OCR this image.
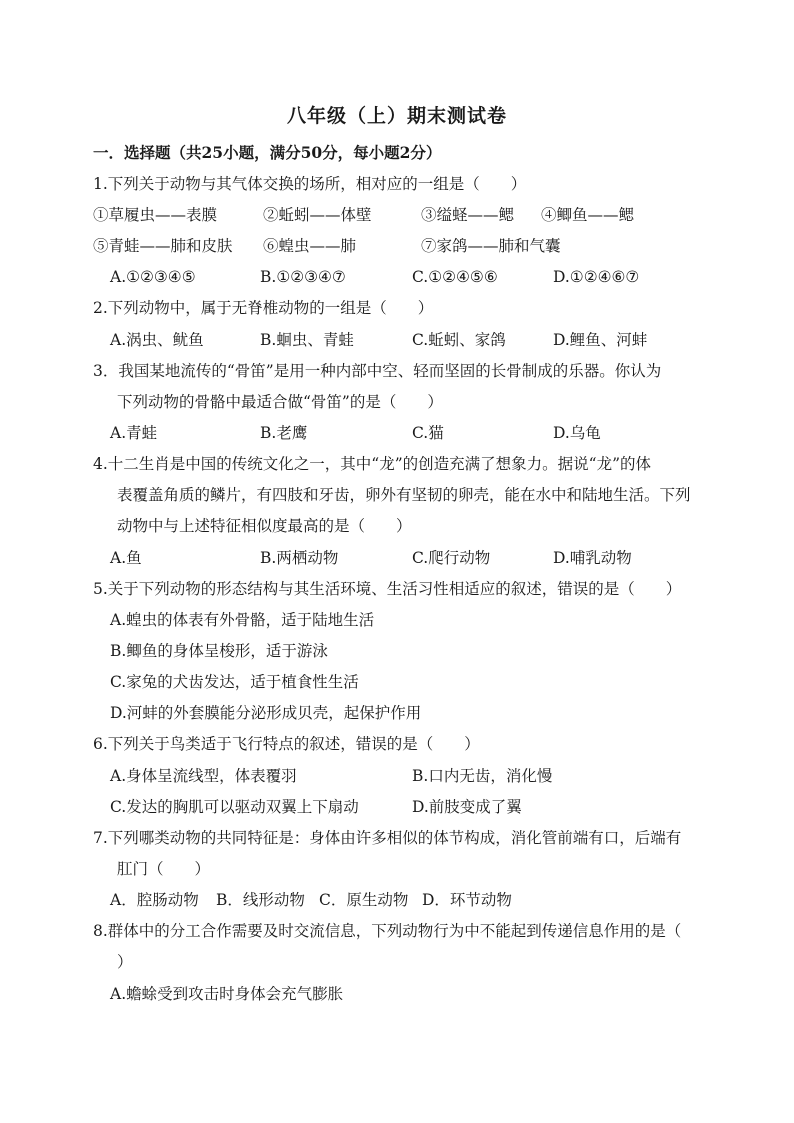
八年级（上）期末测试卷
一．选择题（共25小题，满分50分，每小题2分）
1.下列关于动物与其气体交换的场所，相对应的一组是（　　）
①草履虫——表膜	②蚯蚓——体壁	③缢蛏——鳃 ④鲫鱼——鳃
⑤青蛙——肺和皮肤 ⑥蝗虫——肺	⑦家鸽——肺和气囊
A.①②③④⑤	B.①②③④⑦	C.①②④⑤⑥	D.①②④⑥⑦
2.下列动物中，属于无脊椎动物的一组是（　　）
A.涡虫、鱿鱼	B.蛔虫、青蛙	C.蚯蚓、家鸽	D.鲤鱼、河蚌
3．我国某地流传的“骨笛”是用一种内部中空、轻而坚固的长骨制成的乐器。你认为
下列动物的骨骼中最适合做“骨笛”的是（　　）
A.青蛙	B.老鹰	C.猫	D.乌龟
4.十二生肖是中国的传统文化之一，其中“龙”的创造充满了想象力。据说“龙”的体
表覆盖角质的鳞片，有四肢和牙齿，卵外有坚韧的卵壳，能在水中和陆地生活。下列
动物中与上述特征相似度最高的是（　　）
A.鱼	B.两栖动物	C.爬行动物	D.哺乳动物
5.关于下列动物的形态结构与其生活环境、生活习性相适应的叙述，错误的是（　　）
A.蝗虫的体表有外骨骼，适于陆地生活
B.鲫鱼的身体呈梭形，适于游泳
C.家兔的犬齿发达，适于植食性生活
D.河蚌的外套膜能分泌形成贝壳，起保护作用
6.下列关于鸟类适于飞行特点的叙述，错误的是（　　）
A.身体呈流线型，体表覆羽	B.口内无齿，消化慢
C.发达的胸肌可以驱动双翼上下扇动	D.前肢变成了翼
7.下列哪类动物的共同特征是：身体由许多相似的体节构成，消化管前端有口，后端有
肛门（　　）
A．腔肠动物 B．线形动物 C．原生动物 D．环节动物
8.群体中的分工合作需要及时交流信息，下列动物行为中不能起到传递信息作用的是（
）
A.蟾蜍受到攻击时身体会充气膨胀
